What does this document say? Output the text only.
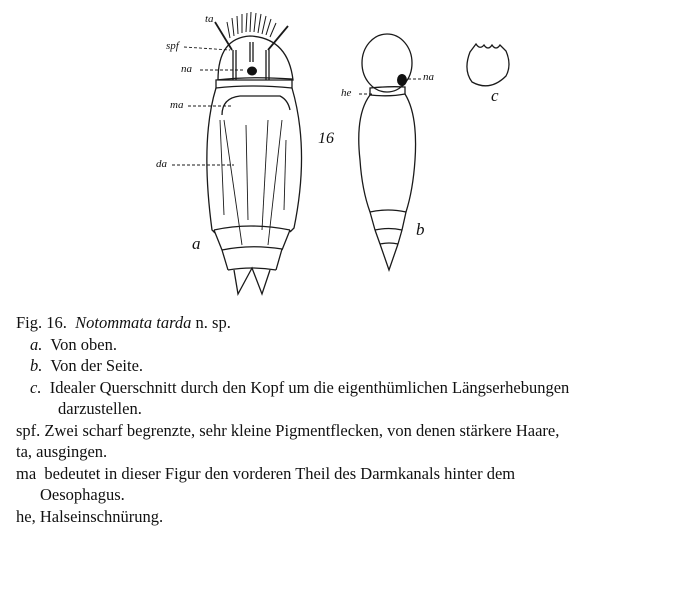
ta
spf
na
ma
da
16
a
he
na
b
c
Fig. 16. Notommata tarda n. sp.
a. Von oben.
b. Von der Seite.
c. Idealer Querschnitt durch den Kopf um die eigenthümlichen Längserhebungen
darzustellen.
spf. Zwei scharf begrenzte, sehr kleine Pigmentflecken, von denen stärkere Haare,
ta, ausgingen.
ma bedeutet in dieser Figur den vorderen Theil des Darmkanals hinter dem
Oesophagus.
he, Halseinschnürung.
